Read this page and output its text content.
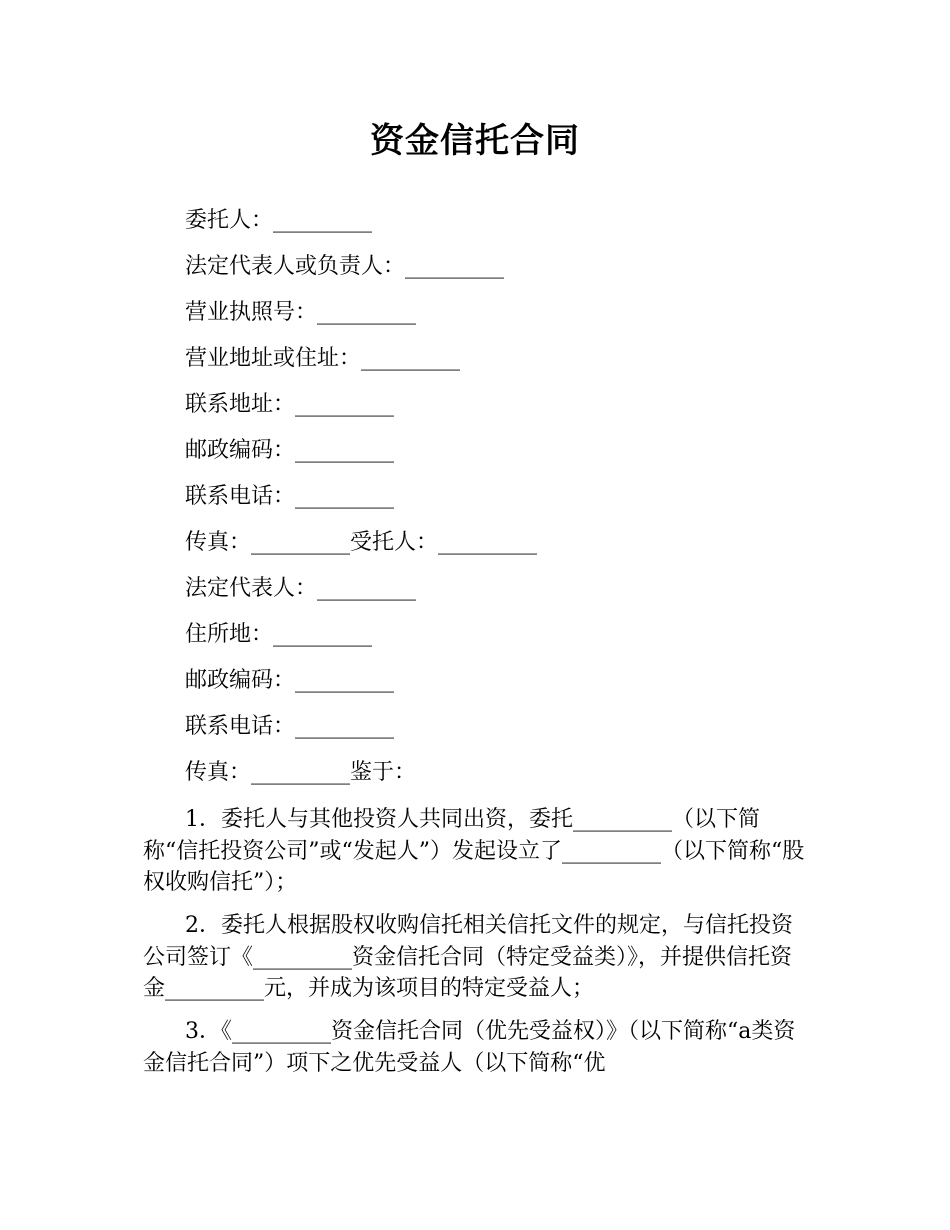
资金信托合同
委托人：_________
法定代表人或负责人：_________
营业执照号：_________
营业地址或住址：_________
联系地址：_________
邮政编码：_________
联系电话：_________
传真：_________受托人：_________
法定代表人：_________
住所地：_________
邮政编码：_________
联系电话：_________
传真：_________鉴于：

1．委托人与其他投资人共同出资，委托_________（以下简称“信托投资公司”或“发起人”）发起设立了_________（以下简称“股权收购信托”）；

2．委托人根据股权收购信托相关信托文件的规定，与信托投资公司签订《_________资金信托合同（特定受益类）》，并提供信托资金_________元，并成为该项目的特定受益人；

3．《_________资金信托合同（优先受益权）》（以下简称“a类资金信托合同”）项下之优先受益人（以下简称“优
